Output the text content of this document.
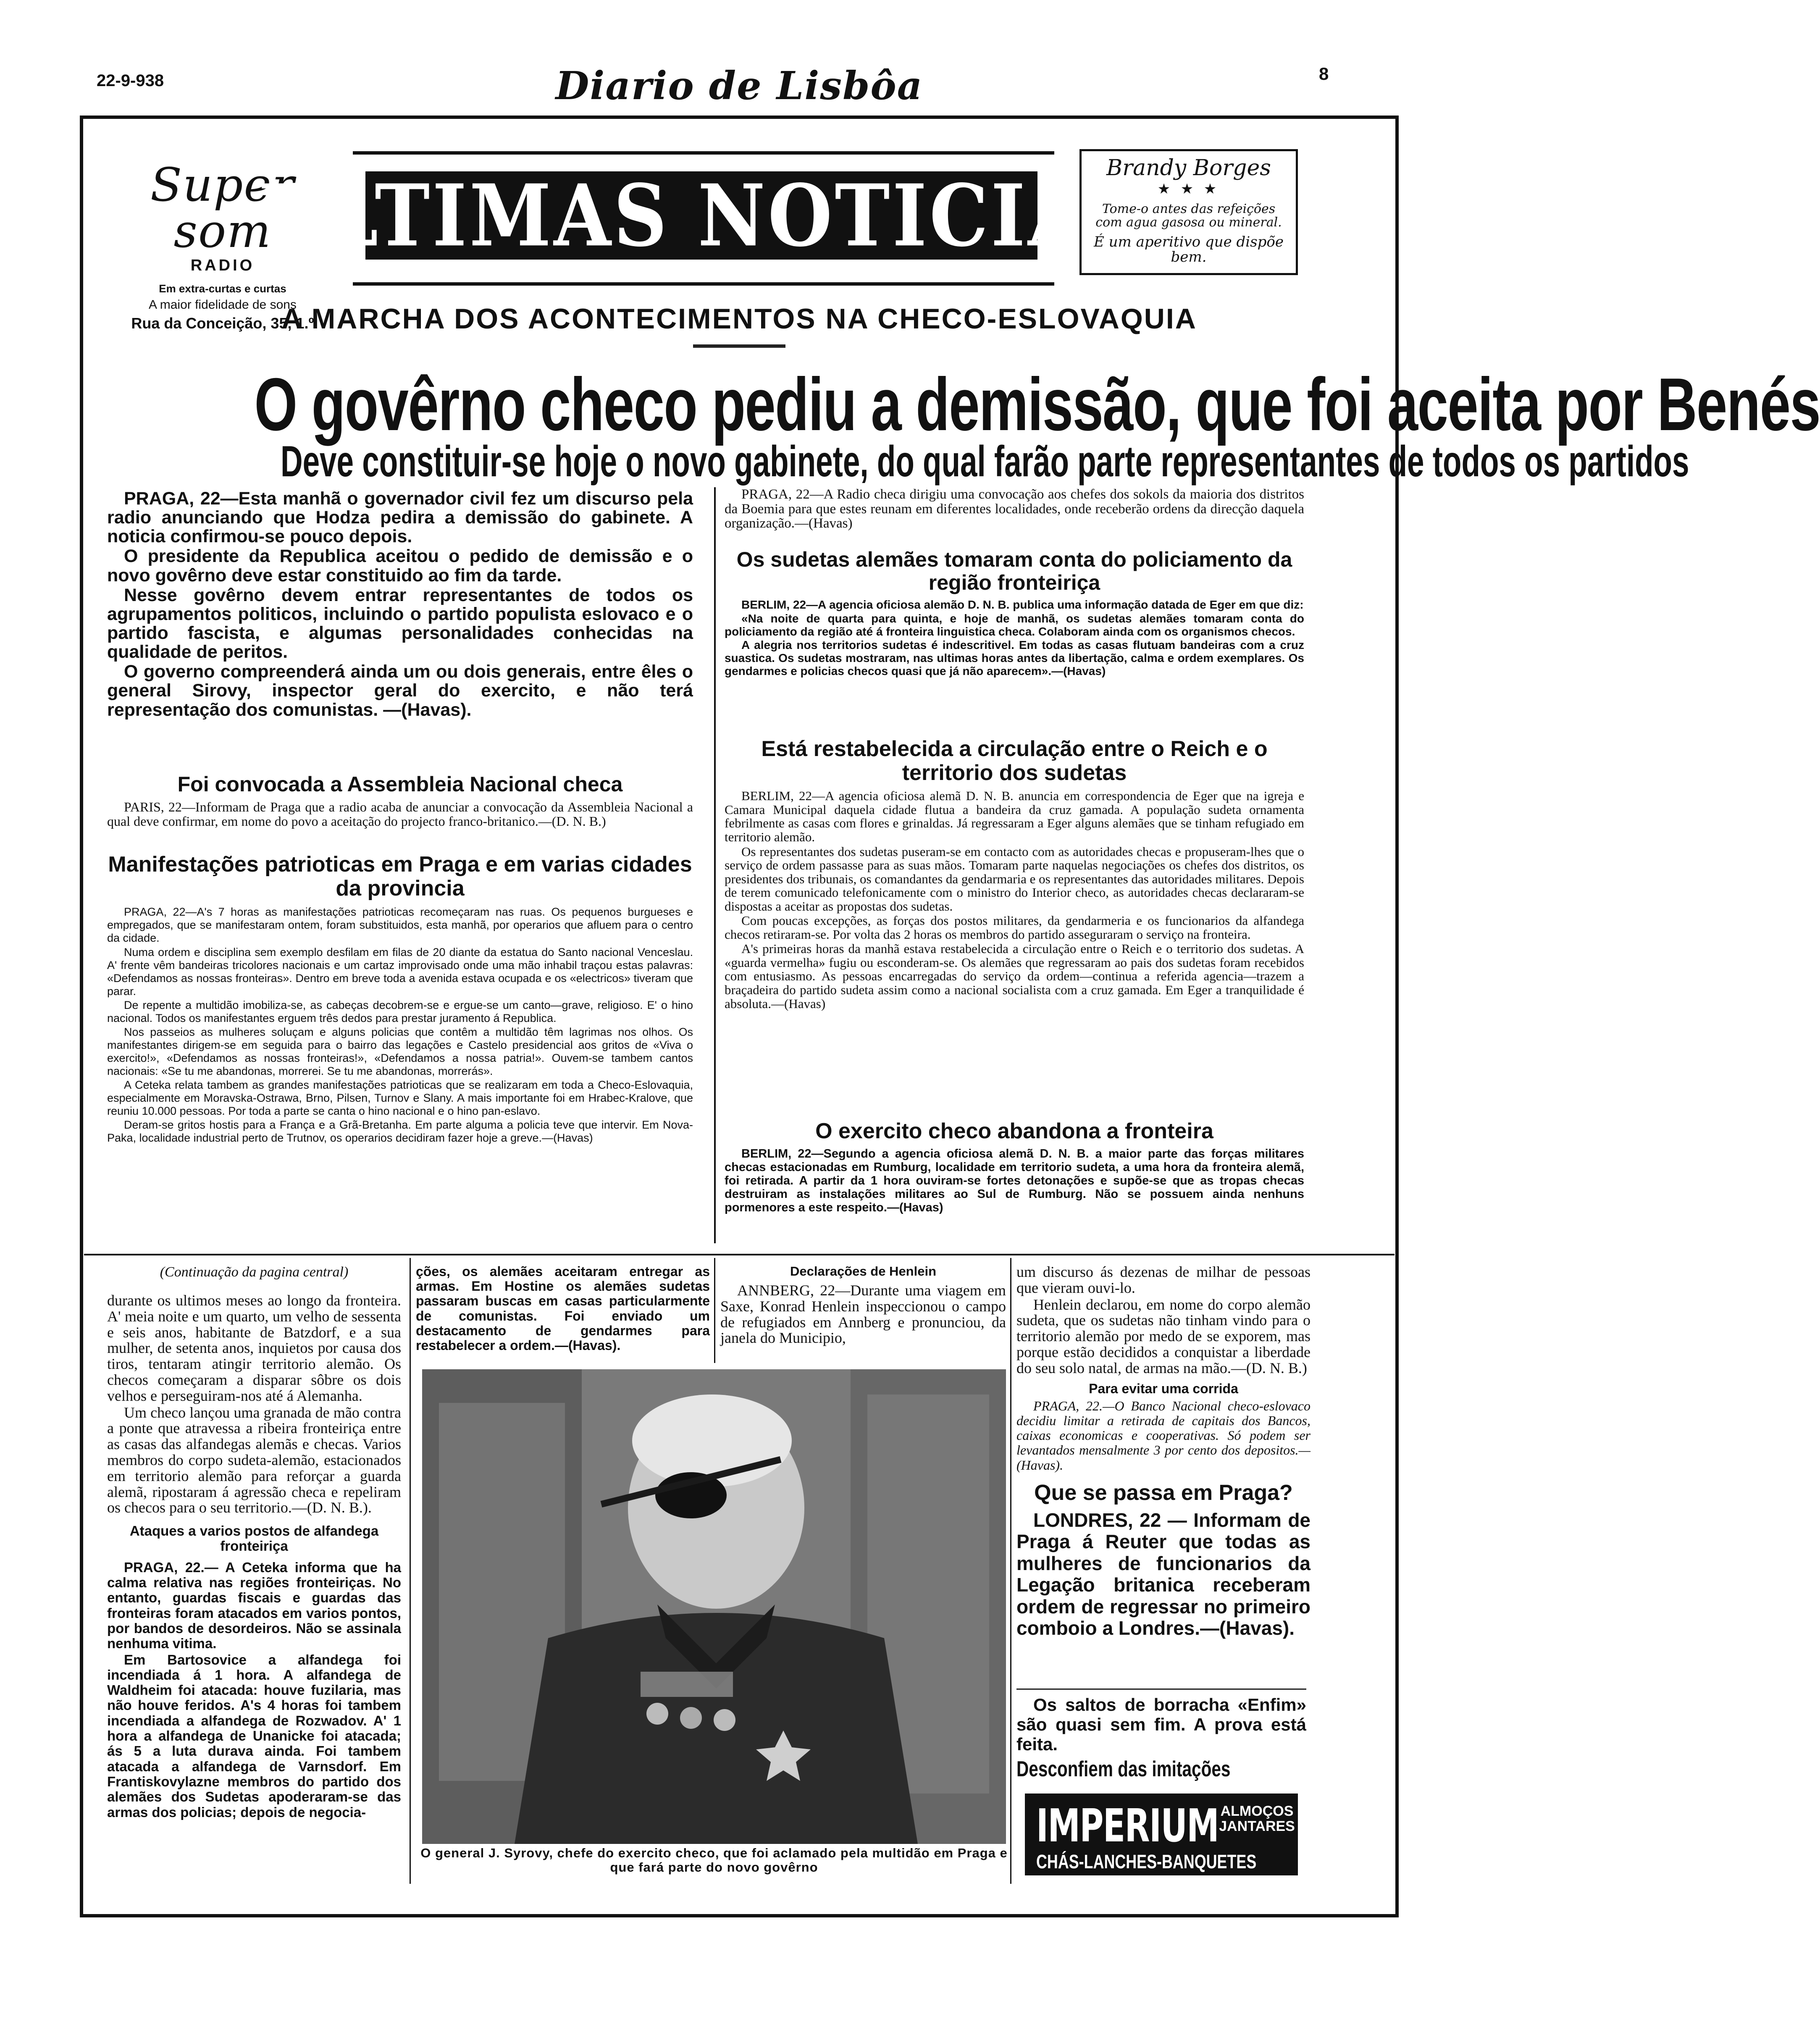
22-9-938	Diario de Lisbôa	8
Super som
RADIO
Em extra-curtas e curtas
A maior fidelidade de sons
Rua da Conceição, 35, 1.º
ULTIMAS NOTICIAS
Brandy Borges
★ ★ ★
Tome-o antes das refeições com agua gasosa ou mineral.
É um aperitivo que dispõe bem.
A MARCHA DOS ACONTECIMENTOS NA CHECO-ESLOVAQUIA
O govêrno checo pediu a demissão, que foi aceita por Benés
Deve constituir-se hoje o novo gabinete, do qual farão parte representantes de todos os partidos

PRAGA, 22—Esta manhã o governador civil fez um discurso pela radio anunciando que Hodza pedira a demissão do gabinete. A noticia confirmou-se pouco depois.

O presidente da Republica aceitou o pedido de demissão e o novo govêrno deve estar constituido ao fim da tarde.

Nesse govêrno devem entrar representantes de todos os agrupamentos politicos, incluindo o partido populista eslovaco e o partido fascista, e algumas personalidades conhecidas na qualidade de peritos.

O governo compreenderá ainda um ou dois generais, entre êles o general Sirovy, inspector geral do exercito, e não terá representação dos comunistas. —(Havas).

Foi convocada a Assembleia Nacional checa

PARIS, 22—Informam de Praga que a radio acaba de anunciar a convocação da Assembleia Nacional a qual deve confirmar, em nome do povo a aceitação do projecto franco-britanico.—(D. N. B.)

Manifestações patrioticas em Praga e em varias cidades da provincia

PRAGA, 22—A's 7 horas as manifestações patrioticas recomeçaram nas ruas. Os pequenos burgueses e empregados, que se manifestaram ontem, foram substituidos, esta manhã, por operarios que afluem para o centro da cidade.

Numa ordem e disciplina sem exemplo desfilam em filas de 20 diante da estatua do Santo nacional Venceslau. A' frente vêm bandeiras tricolores nacionais e um cartaz improvisado onde uma mão inhabil traçou estas palavras: «Defendamos as nossas fronteiras». Dentro em breve toda a avenida estava ocupada e os «electricos» tiveram que parar.

De repente a multidão imobiliza-se, as cabeças decobrem-se e ergue-se um canto—grave, religioso. E' o hino nacional. Todos os manifestantes erguem três dedos para prestar juramento á Republica.

Nos passeios as mulheres soluçam e alguns policias que contêm a multidão têm lagrimas nos olhos. Os manifestantes dirigem-se em seguida para o bairro das legações e Castelo presidencial aos gritos de «Viva o exercito!», «Defendamos as nossas fronteiras!», «Defendamos a nossa patria!». Ouvem-se tambem cantos nacionais: «Se tu me abandonas, morrerei. Se tu me abandonas, morrerás».

A Ceteka relata tambem as grandes manifestações patrioticas que se realizaram em toda a Checo-Eslovaquia, especialmente em Moravska-Ostrawa, Brno, Pilsen, Turnov e Slany. A mais importante foi em Hrabec-Kralove, que reuniu 10.000 pessoas. Por toda a parte se canta o hino nacional e o hino pan-eslavo.

Deram-se gritos hostis para a França e a Grã-Bretanha. Em parte alguma a policia teve que intervir. Em Nova-Paka, localidade industrial perto de Trutnov, os operarios decidiram fazer hoje a greve.—(Havas)

PRAGA, 22—A Radio checa dirigiu uma convocação aos chefes dos sokols da maioria dos distritos da Boemia para que estes reunam em diferentes localidades, onde receberão ordens da direcção daquela organização.—(Havas)

Os sudetas alemães tomaram conta do policiamento da região fronteiriça

BERLIM, 22—A agencia oficiosa alemão D. N. B. publica uma informação datada de Eger em que diz:

«Na noite de quarta para quinta, e hoje de manhã, os sudetas alemães tomaram conta do policiamento da região até á fronteira linguistica checa. Colaboram ainda com os organismos checos.

A alegria nos territorios sudetas é indescritivel. Em todas as casas flutuam bandeiras com a cruz suastica. Os sudetas mostraram, nas ultimas horas antes da libertação, calma e ordem exemplares. Os gendarmes e policias checos quasi que já não aparecem».—(Havas)

Está restabelecida a circulação entre o Reich e o territorio dos sudetas

BERLIM, 22—A agencia oficiosa alemã D. N. B. anuncia em correspondencia de Eger que na igreja e Camara Municipal daquela cidade flutua a bandeira da cruz gamada. A população sudeta ornamenta febrilmente as casas com flores e grinaldas. Já regressaram a Eger alguns alemães que se tinham refugiado em territorio alemão.

Os representantes dos sudetas puseram-se em contacto com as autoridades checas e propuseram-lhes que o serviço de ordem passasse para as suas mãos. Tomaram parte naquelas negociações os chefes dos distritos, os presidentes dos tribunais, os comandantes da gendarmaria e os representantes das autoridades militares. Depois de terem comunicado telefonicamente com o ministro do Interior checo, as autoridades checas declararam-se dispostas a aceitar as propostas dos sudetas.

Com poucas excepções, as forças dos postos militares, da gendarmeria e os funcionarios da alfandega checos retiraram-se. Por volta das 2 horas os membros do partido asseguraram o serviço na fronteira.

A's primeiras horas da manhã estava restabelecida a circulação entre o Reich e o territorio dos sudetas. A «guarda vermelha» fugiu ou esconderam-se. Os alemães que regressaram ao pais dos sudetas foram recebidos com entusiasmo. As pessoas encarregadas do serviço da ordem—continua a referida agencia—trazem a braçadeira do partido sudeta assim como a nacional socialista com a cruz gamada. Em Eger a tranquilidade é absoluta.—(Havas)

O exercito checo abandona a fronteira

BERLIM, 22—Segundo a agencia oficiosa alemã D. N. B. a maior parte das forças militares checas estacionadas em Rumburg, localidade em territorio sudeta, a uma hora da fronteira alemã, foi retirada. A partir da 1 hora ouviram-se fortes detonações e supõe-se que as tropas checas destruiram as instalações militares ao Sul de Rumburg. Não se possuem ainda nenhuns pormenores a este respeito.—(Havas)

(Continuação da pagina central)

durante os ultimos meses ao longo da fronteira. A' meia noite e um quarto, um velho de sessenta e seis anos, habitante de Batzdorf, e a sua mulher, de setenta anos, inquietos por causa dos tiros, tentaram atingir territorio alemão. Os checos começaram a disparar sôbre os dois velhos e perseguiram-nos até á Alemanha.

Um checo lançou uma granada de mão contra a ponte que atravessa a ribeira fronteiriça entre as casas das alfandegas alemãs e checas. Varios membros do corpo sudeta-alemão, estacionados em territorio alemão para reforçar a guarda alemã, ripostaram á agressão checa e repeliram os checos para o seu territorio.—(D. N. B.).

Ataques a varios postos de alfandega fronteiriça

PRAGA, 22.— A Ceteka informa que ha calma relativa nas regiões fronteiriças. No entanto, guardas fiscais e guardas das fronteiras foram atacados em varios pontos, por bandos de desordeiros. Não se assinala nenhuma vitima.

Em Bartosovice a alfandega foi incendiada á 1 hora. A alfandega de Waldheim foi atacada: houve fuzilaria, mas não houve feridos. A's 4 horas foi tambem incendiada a alfandega de Rozwadov. A' 1 hora a alfandega de Unanicke foi atacada; ás 5 a luta durava ainda. Foi tambem atacada a alfandega de Varnsdorf. Em Frantiskovylazne membros do partido dos alemães dos Sudetas apoderaram-se das armas dos policias; depois de negocia-

ções, os alemães aceitaram entregar as armas. Em Hostine os alemães sudetas passaram buscas em casas particularmente de comunistas. Foi enviado um destacamento de gendarmes para restabelecer a ordem.—(Havas).

Declarações de Henlein

ANNBERG, 22—Durante uma viagem em Saxe, Konrad Henlein inspeccionou o campo de refugiados em Annberg e pronunciou, da janela do Municipio,

O general J. Syrovy, chefe do exercito checo, que foi aclamado pela multidão em Praga e que fará parte do novo govêrno

um discurso ás dezenas de milhar de pessoas que vieram ouvi-lo.

Henlein declarou, em nome do corpo alemão sudeta, que os sudetas não tinham vindo para o territorio alemão por medo de se exporem, mas porque estão decididos a conquistar a liberdade do seu solo natal, de armas na mão.—(D. N. B.)

Para evitar uma corrida

PRAGA, 22.—O Banco Nacional checo-eslovaco decidiu limitar a retirada de capitais dos Bancos, caixas economicas e cooperativas. Só podem ser levantados mensalmente 3 por cento dos depositos.—(Havas).

Que se passa em Praga?

LONDRES, 22 — Informam de Praga á Reuter que todas as mulheres de funcionarios da Legação britanica receberam ordem de regressar no primeiro comboio a Londres.—(Havas).

Os saltos de borracha «Enfim» são quasi sem fim. A prova está feita.

Desconfiem das imitações
IMPERIUM ALMOÇOS JANTARES
CHÁS-LANCHES-BANQUETES
